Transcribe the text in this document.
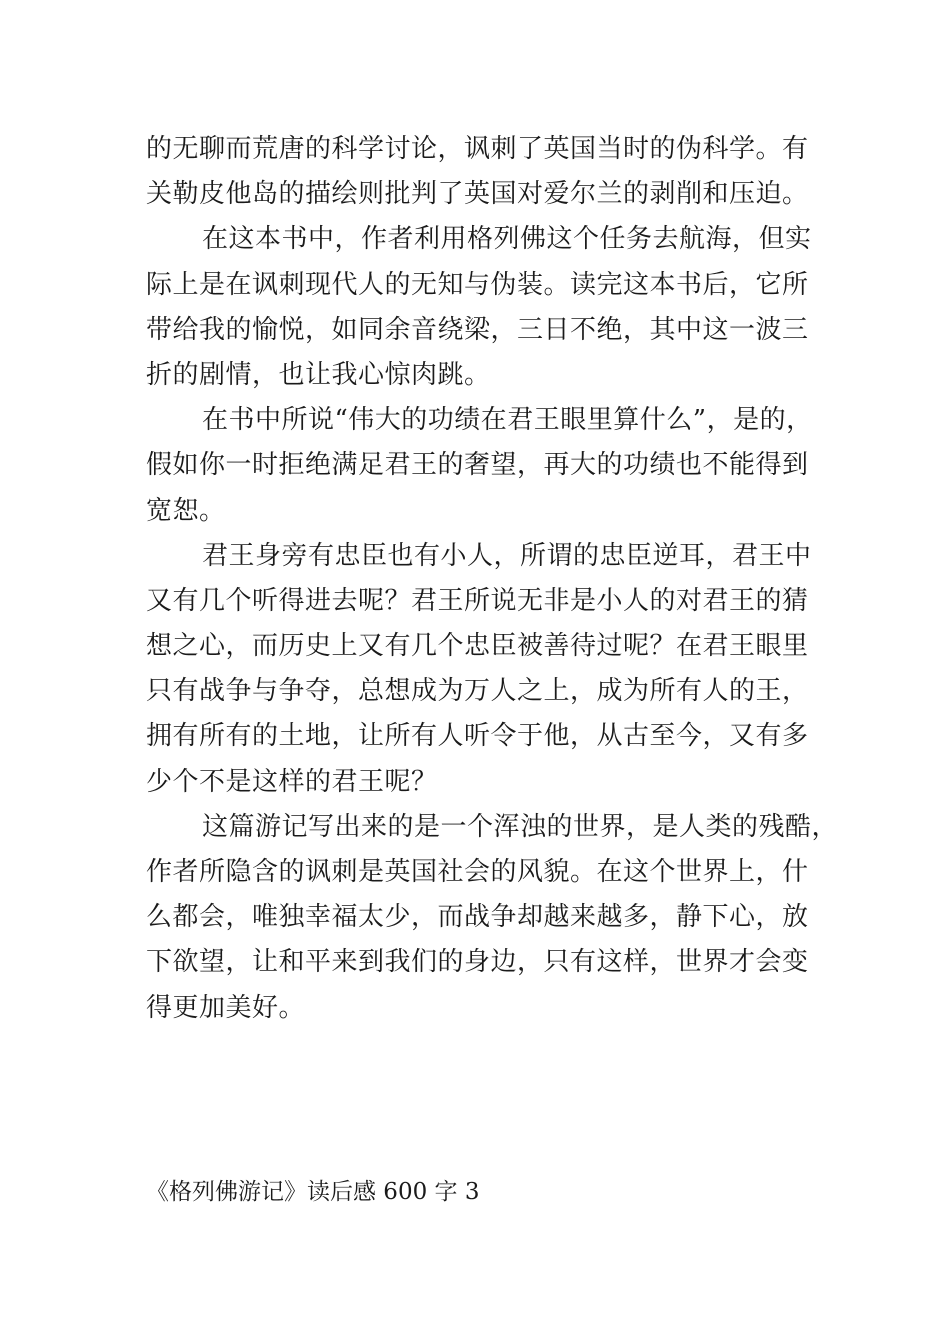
的无聊而荒唐的科学讨论，讽刺了英国当时的伪科学。有
关勒皮他岛的描绘则批判了英国对爱尔兰的剥削和压迫。
在这本书中，作者利用格列佛这个任务去航海，但实
际上是在讽刺现代人的无知与伪装。读完这本书后，它所
带给我的愉悦，如同余音绕梁，三日不绝，其中这一波三
折的剧情，也让我心惊肉跳。
在书中所说“伟大的功绩在君王眼里算什么”，是的，
假如你一时拒绝满足君王的奢望，再大的功绩也不能得到
宽恕。
君王身旁有忠臣也有小人，所谓的忠臣逆耳，君王中
又有几个听得进去呢？君王所说无非是小人的对君王的猜
想之心，而历史上又有几个忠臣被善待过呢？在君王眼里
只有战争与争夺，总想成为万人之上，成为所有人的王，
拥有所有的土地，让所有人听令于他，从古至今，又有多
少个不是这样的君王呢？
这篇游记写出来的是一个浑浊的世界，是人类的残酷，
作者所隐含的讽刺是英国社会的风貌。在这个世界上，什
么都会，唯独幸福太少，而战争却越来越多，静下心，放
下欲望，让和平来到我们的身边，只有这样，世界才会变
得更加美好。
《格列佛游记》读后感 600 字 3
